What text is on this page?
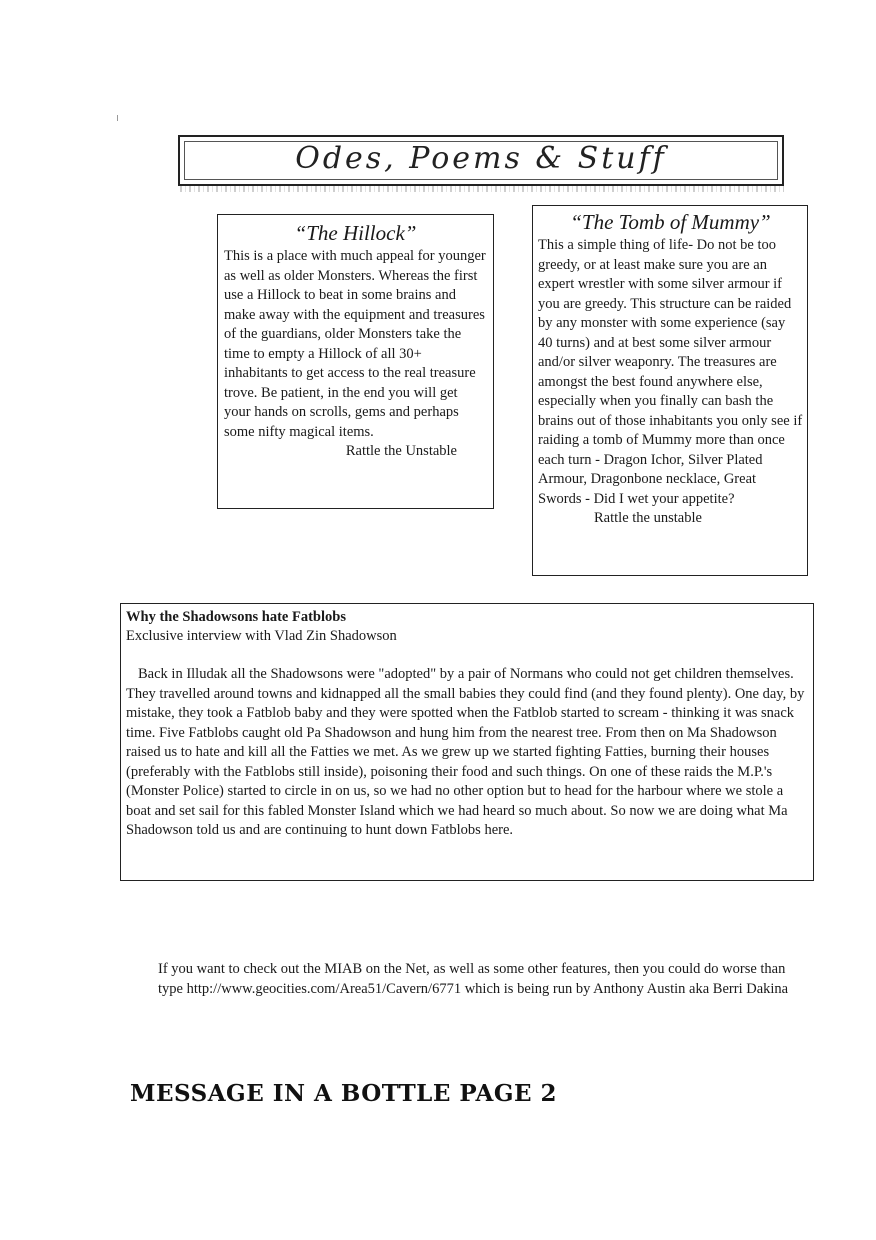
Odes, Poems & Stuff
“The Hillock”
This is a place with much appeal for younger as well as older Monsters. Whereas the first use a Hillock to beat in some brains and make away with the equipment and treasures of the guardians, older Monsters take the time to empty a Hillock of all 30+ inhabitants to get access to the real treasure trove. Be patient, in the end you will get your hands on scrolls, gems and perhaps some nifty magical items.
Rattle the Unstable
“The Tomb of Mummy”
This a simple thing of life- Do not be too greedy, or at least make sure you are an expert wrestler with some silver armour if you are greedy. This structure can be raided by any monster with some experience (say 40 turns) and at best some silver armour and/or silver weaponry. The treasures are amongst the best found anywhere else, especially when you finally can bash the brains out of those inhabitants you only see if raiding a tomb of Mummy more than once each turn - Dragon Ichor, Silver Plated Armour, Dragonbone necklace, Great Swords - Did I wet your appetite?
Rattle the unstable
Why the Shadowsons hate Fatblobs
Exclusive interview with Vlad Zin Shadowson
Back in Illudak all the Shadowsons were "adopted" by a pair of Normans who could not get children themselves. They travelled around towns and kidnapped all the small babies they could find (and they found plenty). One day, by mistake, they took a Fatblob baby and they were spotted when the Fatblob started to scream - thinking it was snack time. Five Fatblobs caught old Pa Shadowson and hung him from the nearest tree. From then on Ma Shadowson raised us to hate and kill all the Fatties we met. As we grew up we started fighting Fatties, burning their houses (preferably with the Fatblobs still inside), poisoning their food and such things. On one of these raids the M.P.'s (Monster Police) started to circle in on us, so we had no other option but to head for the harbour where we stole a boat and set sail for this fabled Monster Island which we had heard so much about. So now we are doing what Ma Shadowson told us and are continuing to hunt down Fatblobs here.
If you want to check out the MIAB on the Net, as well as some other features, then you could do worse than type http://www.geocities.com/Area51/Cavern/6771 which is being run by Anthony Austin aka Berri Dakina
MESSAGE IN A BOTTLE PAGE 2
